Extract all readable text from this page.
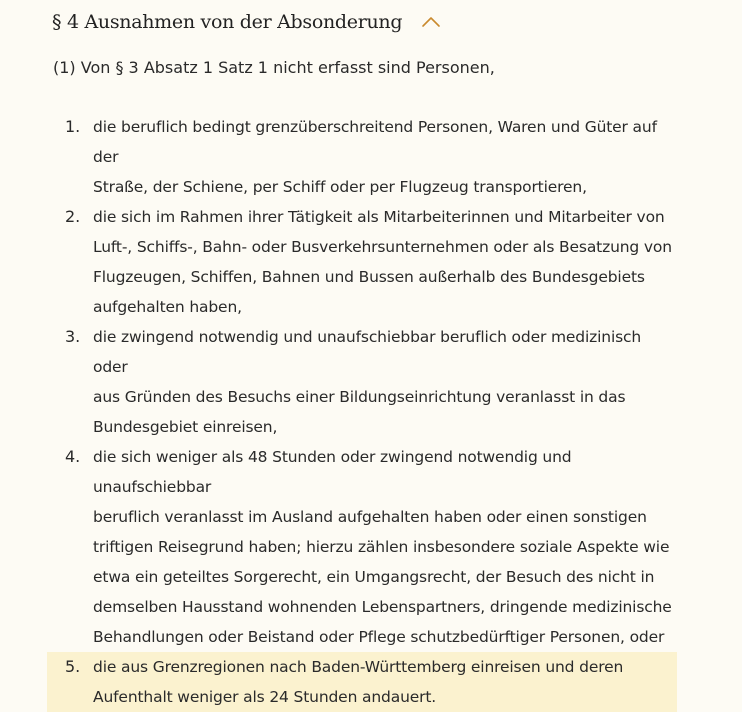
§ 4 Ausnahmen von der Absonderung
(1) Von § 3 Absatz 1 Satz 1 nicht erfasst sind Personen,
1. die beruflich bedingt grenzüberschreitend Personen, Waren und Güter auf der
Straße, der Schiene, per Schiff oder per Flugzeug transportieren,
2. die sich im Rahmen ihrer Tätigkeit als Mitarbeiterinnen und Mitarbeiter von
Luft-, Schiffs-, Bahn- oder Busverkehrsunternehmen oder als Besatzung von
Flugzeugen, Schiffen, Bahnen und Bussen außerhalb des Bundesgebiets
aufgehalten haben,
3. die zwingend notwendig und unaufschiebbar beruflich oder medizinisch oder
aus Gründen des Besuchs einer Bildungseinrichtung veranlasst in das
Bundesgebiet einreisen,
4. die sich weniger als 48 Stunden oder zwingend notwendig und unaufschiebbar
beruflich veranlasst im Ausland aufgehalten haben oder einen sonstigen
triftigen Reisegrund haben; hierzu zählen insbesondere soziale Aspekte wie
etwa ein geteiltes Sorgerecht, ein Umgangsrecht, der Besuch des nicht in
demselben Hausstand wohnenden Lebenspartners, dringende medizinische
Behandlungen oder Beistand oder Pflege schutzbedürftiger Personen, oder
5. die aus Grenzregionen nach Baden-Württemberg einreisen und deren
Aufenthalt weniger als 24 Stunden andauert.
